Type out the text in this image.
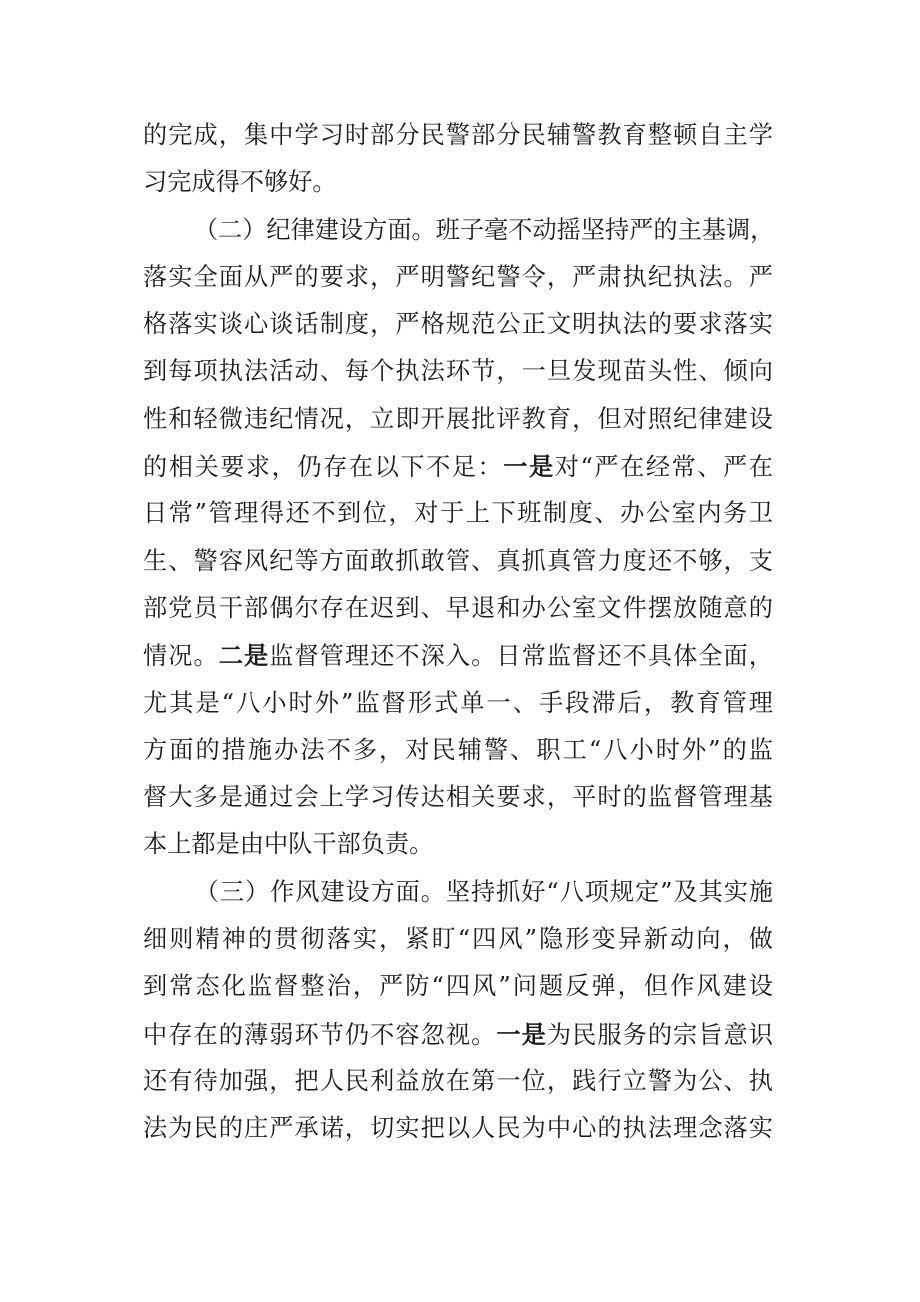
的完成，集中学习时部分民警部分民辅警教育整顿自主学
习完成得不够好。
（二）纪律建设方面。班子毫不动摇坚持严的主基调，
落实全面从严的要求，严明警纪警令，严肃执纪执法。严
格落实谈心谈话制度，严格规范公正文明执法的要求落实
到每项执法活动、每个执法环节，一旦发现苗头性、倾向
性和轻微违纪情况，立即开展批评教育，但对照纪律建设
的相关要求，仍存在以下不足：一是对“严在经常、严在
日常”管理得还不到位，对于上下班制度、办公室内务卫
生、警容风纪等方面敢抓敢管、真抓真管力度还不够，支
部党员干部偶尔存在迟到、早退和办公室文件摆放随意的
情况。二是监督管理还不深入。日常监督还不具体全面，
尤其是“八小时外”监督形式单一、手段滞后，教育管理
方面的措施办法不多，对民辅警、职工“八小时外”的监
督大多是通过会上学习传达相关要求，平时的监督管理基
本上都是由中队干部负责。
（三）作风建设方面。坚持抓好“八项规定”及其实施
细则精神的贯彻落实，紧盯“四风”隐形变异新动向，做
到常态化监督整治，严防“四风”问题反弹，但作风建设
中存在的薄弱环节仍不容忽视。一是为民服务的宗旨意识
还有待加强，把人民利益放在第一位，践行立警为公、执
法为民的庄严承诺，切实把以人民为中心的执法理念落实
